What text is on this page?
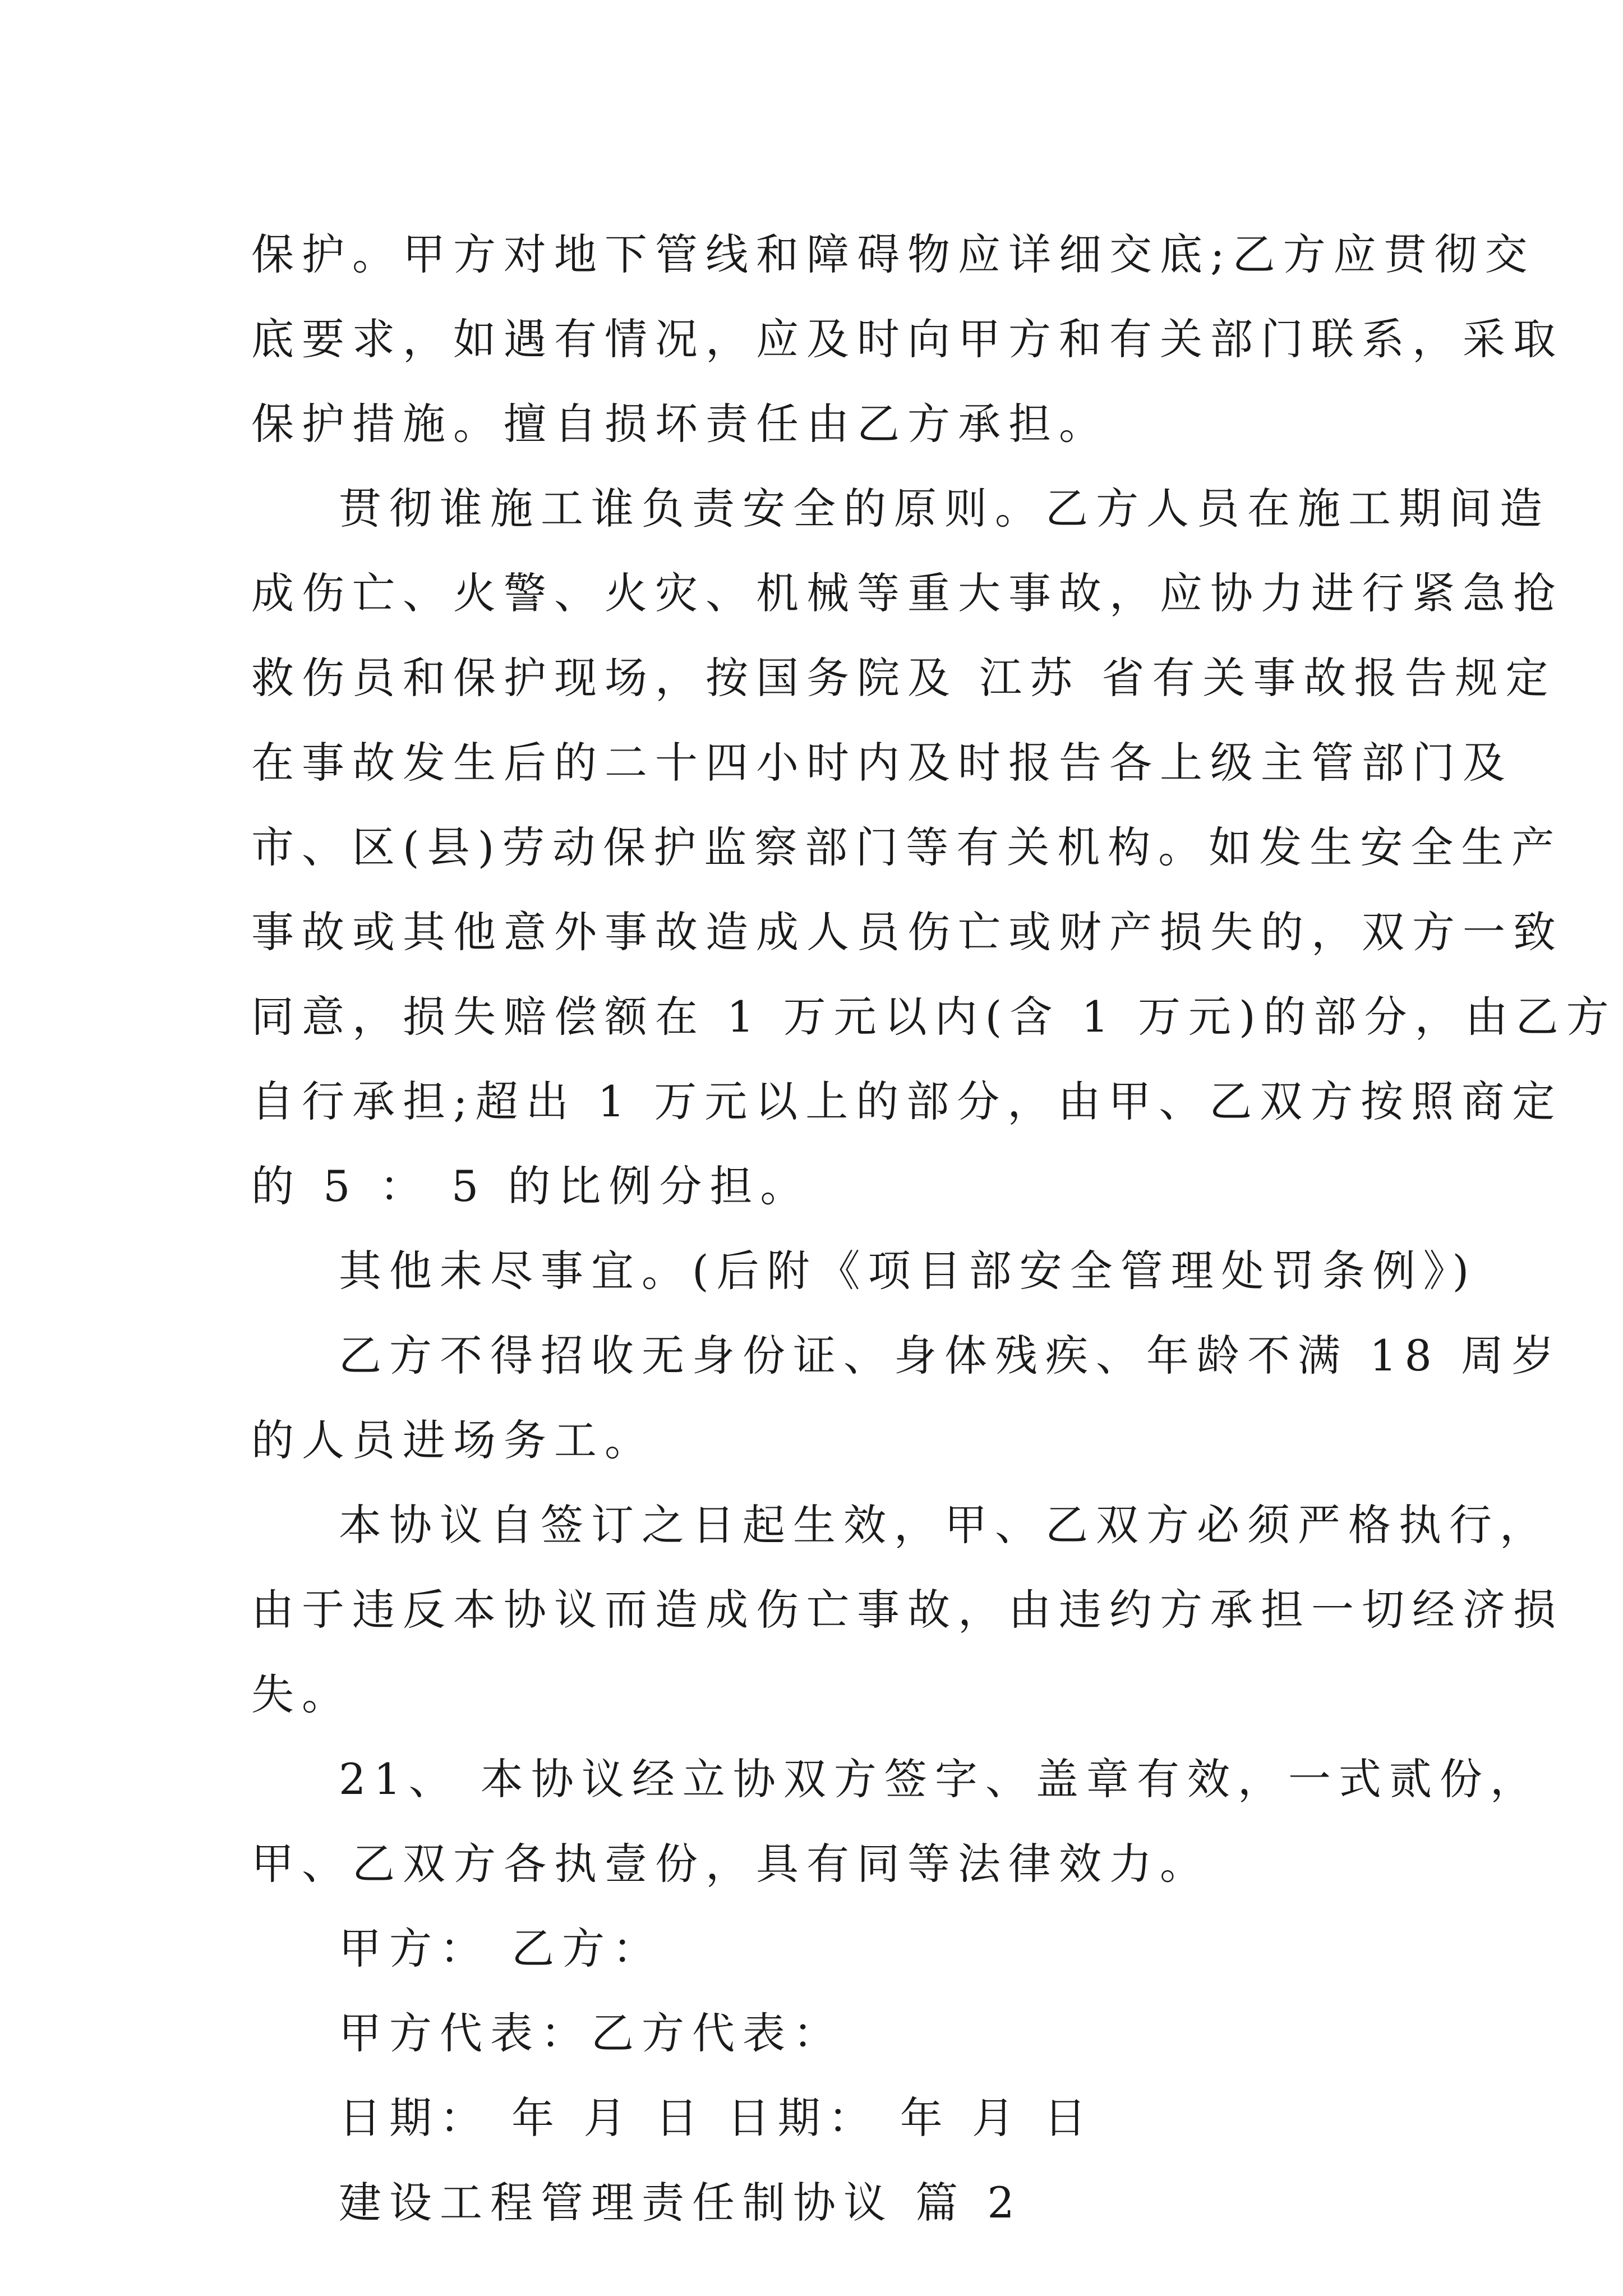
保护。甲方对地下管线和障碍物应详细交底;乙方应贯彻交
底要求，如遇有情况，应及时向甲方和有关部门联系，采取
保护措施。擅自损坏责任由乙方承担。
贯彻谁施工谁负责安全的原则。乙方人员在施工期间造
成伤亡、火警、火灾、机械等重大事故，应协力进行紧急抢
救伤员和保护现场，按国务院及 江苏 省有关事故报告规定
在事故发生后的二十四小时内及时报告各上级主管部门及
市、区(县)劳动保护监察部门等有关机构。如发生安全生产
事故或其他意外事故造成人员伤亡或财产损失的，双方一致
同意，损失赔偿额在 1 万元以内(含 1 万元)的部分，由乙方
自行承担;超出 1 万元以上的部分，由甲、乙双方按照商定
的 5 ： 5 的比例分担。
其他未尽事宜。(后附《项目部安全管理处罚条例》)
乙方不得招收无身份证、身体残疾、年龄不满 18 周岁
的人员进场务工。
本协议自签订之日起生效，甲、乙双方必须严格执行，
由于违反本协议而造成伤亡事故，由违约方承担一切经济损
失。
21、 本协议经立协双方签字、盖章有效，一式贰份，
甲、乙双方各执壹份，具有同等法律效力。
甲方： 乙方：
甲方代表：乙方代表：
日期： 年 月 日 日期： 年 月 日
建设工程管理责任制协议 篇 2
